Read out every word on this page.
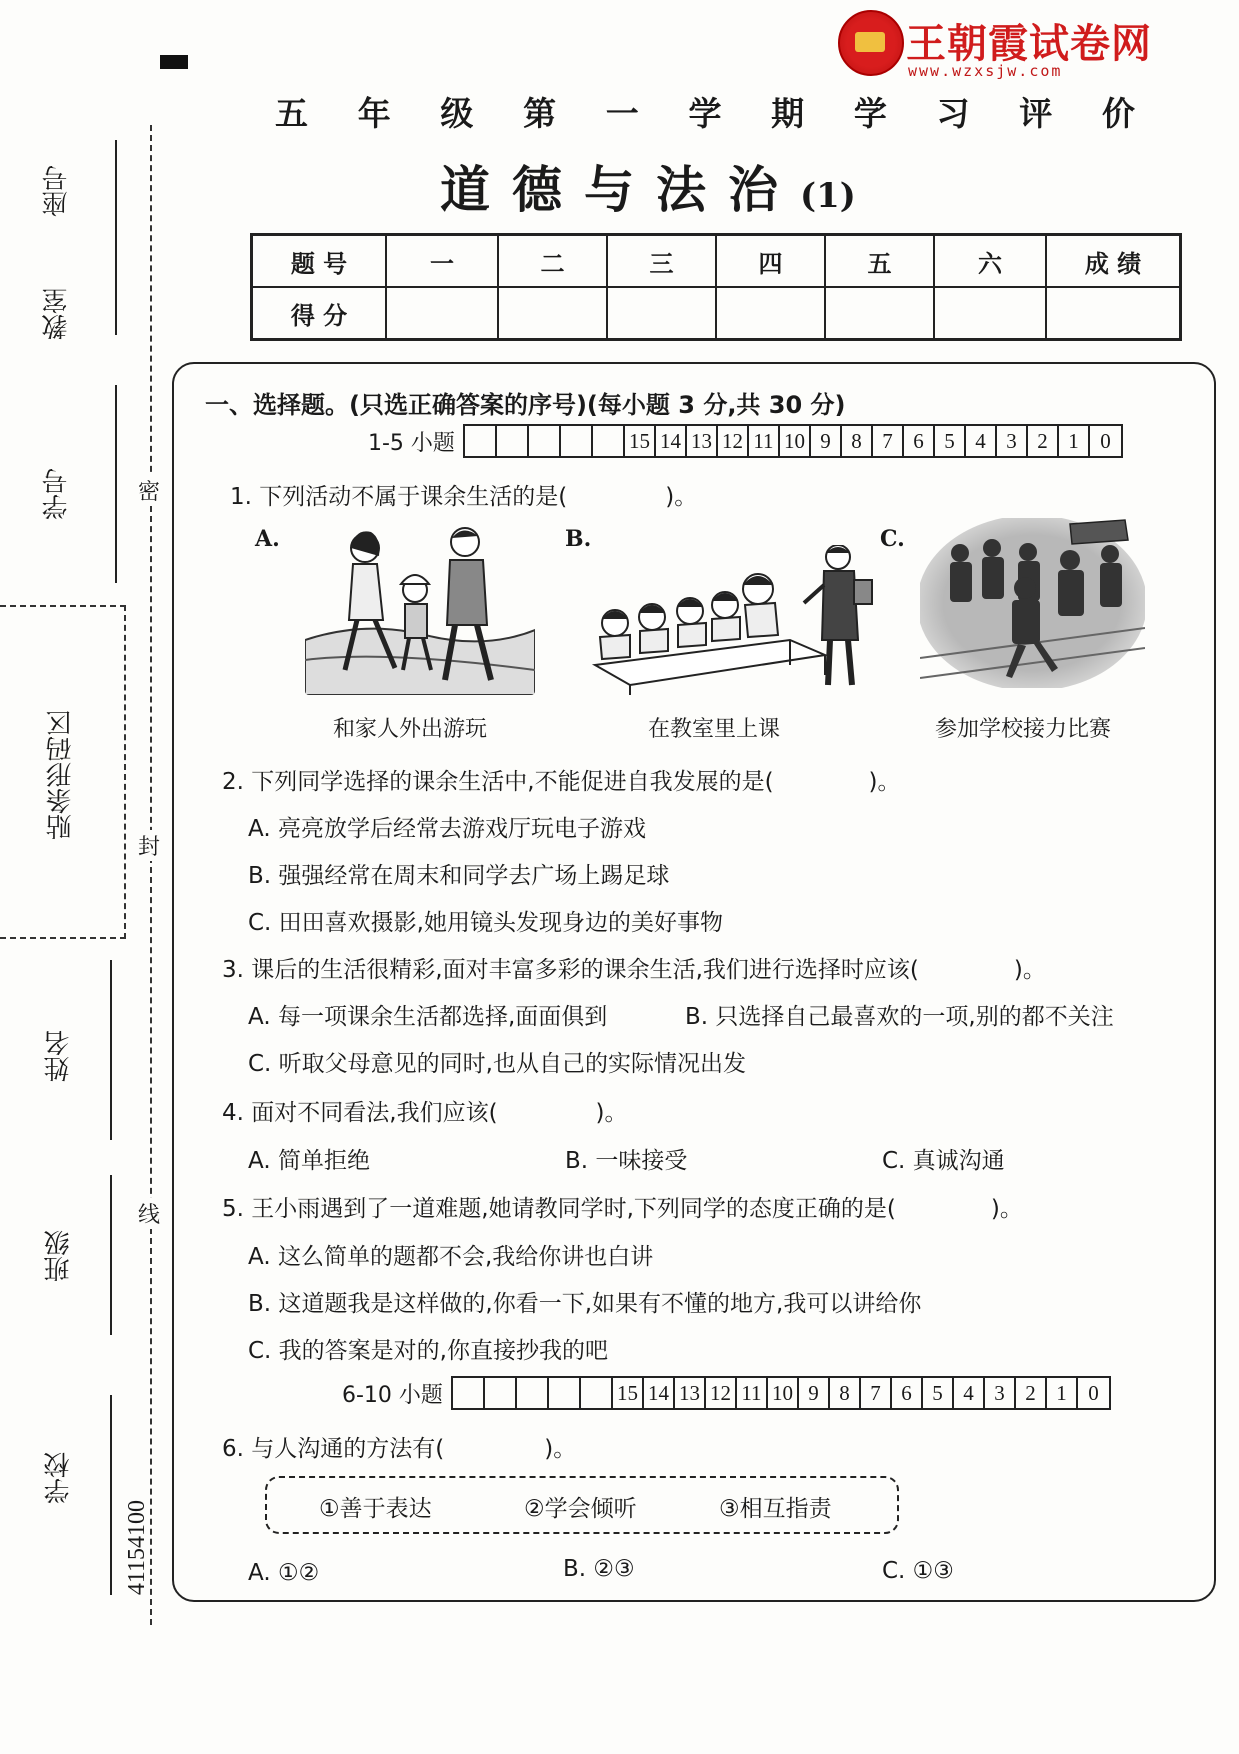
王朝霞试卷网
www.wzxsjw.com
座号
教室
学号
贴条形码区
姓名
班级
学校
41154100
密
封
线
五 年 级 第 一 学 期 学 习 评 价
道德与法治(1)
题 号	一	二	三	四	五	六	成 绩
得 分							
一、选择题。(只选正确答案的序号)(每小题 3 分,共 30 分)
1-5 小题	15 14 13 12 11 10 9 8 7 6 5 4 3 2 1	0
1. 下列活动不属于课余生活的是(	)。
A.	B.	C.
和家人外出游玩	在教室里上课	参加学校接力比赛
2. 下列同学选择的课余生活中,不能促进自我发展的是(	)。
A. 亮亮放学后经常去游戏厅玩电子游戏
B. 强强经常在周末和同学去广场上踢足球
C. 田田喜欢摄影,她用镜头发现身边的美好事物
3. 课后的生活很精彩,面对丰富多彩的课余生活,我们进行选择时应该(	)。
A. 每一项课余生活都选择,面面俱到	B. 只选择自己最喜欢的一项,别的都不关注
C. 听取父母意见的同时,也从自己的实际情况出发
4. 面对不同看法,我们应该(	)。
A. 简单拒绝	B. 一味接受	C. 真诚沟通
5. 王小雨遇到了一道难题,她请教同学时,下列同学的态度正确的是(	)。
A. 这么简单的题都不会,我给你讲也白讲
B. 这道题我是这样做的,你看一下,如果有不懂的地方,我可以讲给你
C. 我的答案是对的,你直接抄我的吧
6-10 小题	15 14 13 12 11 10 9 8 7 6 5 4 3 2 1	0
6. 与人沟通的方法有(	)。
①善于表达	②学会倾听	③相互指责
A. ①②	B. ②③	C. ①③
